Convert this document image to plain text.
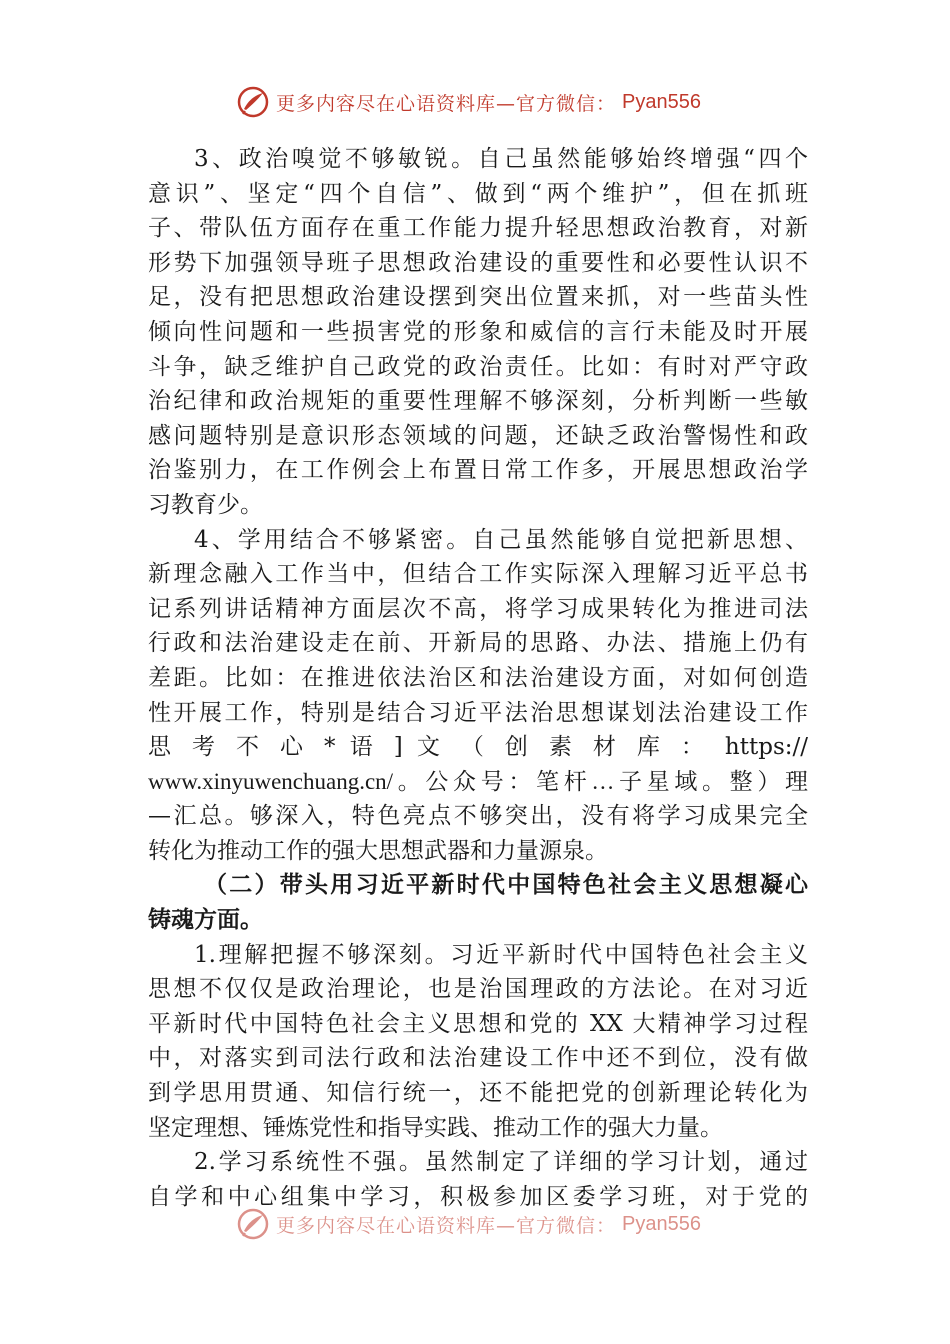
更多内容尽在心语资料库—官方微信： Pyan556

3、政治嗅觉不够敏锐。自己虽然能够始终增强“四个
意识”、坚定“四个自信”、做到“两个维护”，但在抓班
子、带队伍方面存在重工作能力提升轻思想政治教育，对新
形势下加强领导班子思想政治建设的重要性和必要性认识不
足，没有把思想政治建设摆到突出位置来抓，对一些苗头性
倾向性问题和一些损害党的形象和威信的言行未能及时开展
斗争，缺乏维护自己政党的政治责任。比如：有时对严守政
治纪律和政治规矩的重要性理解不够深刻，分析判断一些敏
感问题特别是意识形态领域的问题，还缺乏政治警惕性和政
治鉴别力，在工作例会上布置日常工作多，开展思想政治学
习教育少。

4、学用结合不够紧密。自己虽然能够自觉把新思想、
新理念融入工作当中，但结合工作实际深入理解习近平总书
记系列讲话精神方面层次不高，将学习成果转化为推进司法
行政和法治建设走在前、开新局的思路、办法、措施上仍有
差距。比如：在推进依法治区和法治建设方面，对如何创造
性开展工作，特别是结合习近平法治思想谋划法治建设工作
思 考 不 心 * 语 ] 文 （ 创 素 材 库 ： https://
www.xinyuwenchuang.cn/。公众号：笔杆…子星域。整）理
—汇总。够深入，特色亮点不够突出，没有将学习成果完全
转化为推动工作的强大思想武器和力量源泉。

（二）带头用习近平新时代中国特色社会主义思想凝心
铸魂方面。

1.理解把握不够深刻。习近平新时代中国特色社会主义
思想不仅仅是政治理论，也是治国理政的方法论。在对习近
平新时代中国特色社会主义思想和党的 XX 大精神学习过程
中，对落实到司法行政和法治建设工作中还不到位，没有做
到学思用贯通、知信行统一，还不能把党的创新理论转化为
坚定理想、锤炼党性和指导实践、推动工作的强大力量。

2.学习系统性不强。虽然制定了详细的学习计划，通过
自学和中心组集中学习，积极参加区委学习班，对于党的

更多内容尽在心语资料库—官方微信： Pyan556
